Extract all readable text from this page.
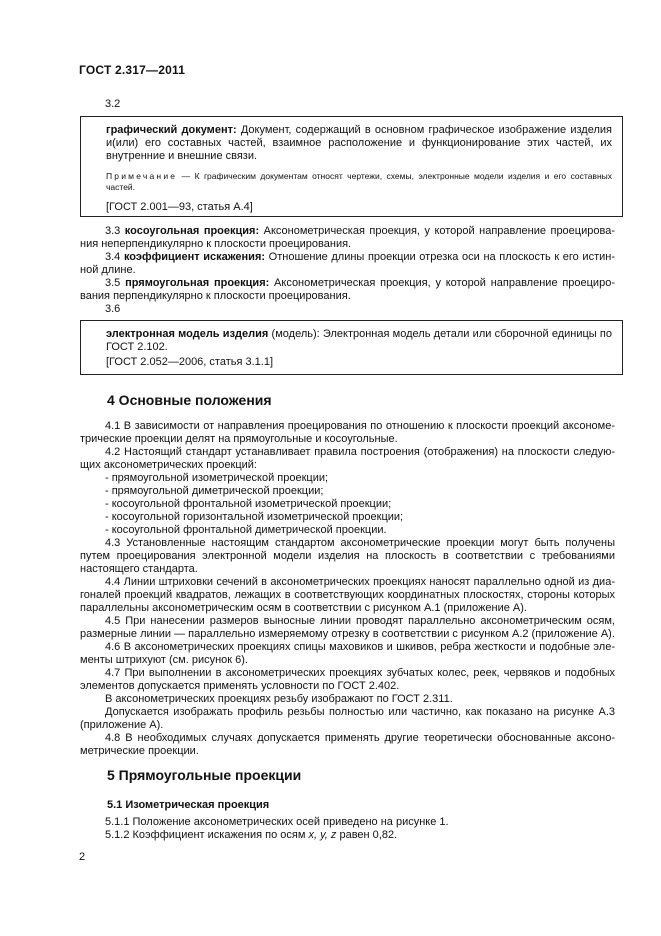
ГОСТ 2.317—2011
3.2

графический документ: Документ, содержащий в основном графическое изображение изделия и(или) его составных частей, взаимное расположение и функционирование этих частей, их внутренние и внешние связи.

Примечание — К графическим документам относят чертежи, схемы, электронные модели изделия и его составных частей.

[ГОСТ 2.001—93, статья А.4]

3.3 косоугольная проекция: Аксонометрическая проекция, у которой направление проецирования неперпендикулярно к плоскости проецирования.

3.4 коэффициент искажения: Отношение длины проекции отрезка оси на плоскость к его истинной длине.

3.5 прямоугольная проекция: Аксонометрическая проекция, у которой направление проецирования перпендикулярно к плоскости проецирования.

3.6

электронная модель изделия (модель): Электронная модель детали или сборочной единицы по ГОСТ 2.102.

[ГОСТ 2.052—2006, статья 3.1.1]

4 Основные положения

4.1 В зависимости от направления проецирования по отношению к плоскости проекций аксонометрические проекции делят на прямоугольные и косоугольные.

4.2 Настоящий стандарт устанавливает правила построения (отображения) на плоскости следующих аксонометрических проекций:

- прямоугольной изометрической проекции;
- прямоугольной диметрической проекции;
- косоугольной фронтальной изометрической проекции;
- косоугольной горизонтальной изометрической проекции;
- косоугольной фронтальной диметрической проекции.

4.3 Установленные настоящим стандартом аксонометрические проекции могут быть получены путем проецирования электронной модели изделия на плоскость в соответствии с требованиями настоящего стандарта.

4.4 Линии штриховки сечений в аксонометрических проекциях наносят параллельно одной из диагоналей проекций квадратов, лежащих в соответствующих координатных плоскостях, стороны которых параллельны аксонометрическим осям в соответствии с рисунком А.1 (приложение А).

4.5 При нанесении размеров выносные линии проводят параллельно аксонометрическим осям, размерные линии — параллельно измеряемому отрезку в соответствии с рисунком А.2 (приложение А).

4.6 В аксонометрических проекциях спицы маховиков и шкивов, ребра жесткости и подобные элементы штрихуют (см. рисунок 6).

4.7 При выполнении в аксонометрических проекциях зубчатых колес, реек, червяков и подобных элементов допускается применять условности по ГОСТ 2.402.

В аксонометрических проекциях резьбу изображают по ГОСТ 2.311.

Допускается изображать профиль резьбы полностью или частично, как показано на рисунке А.3 (приложение А).

4.8 В необходимых случаях допускается применять другие теоретически обоснованные аксонометрические проекции.

5 Прямоугольные проекции
5.1 Изометрическая проекция

5.1.1 Положение аксонометрических осей приведено на рисунке 1.

5.1.2 Коэффициент искажения по осям x, y, z равен 0,82.

2
